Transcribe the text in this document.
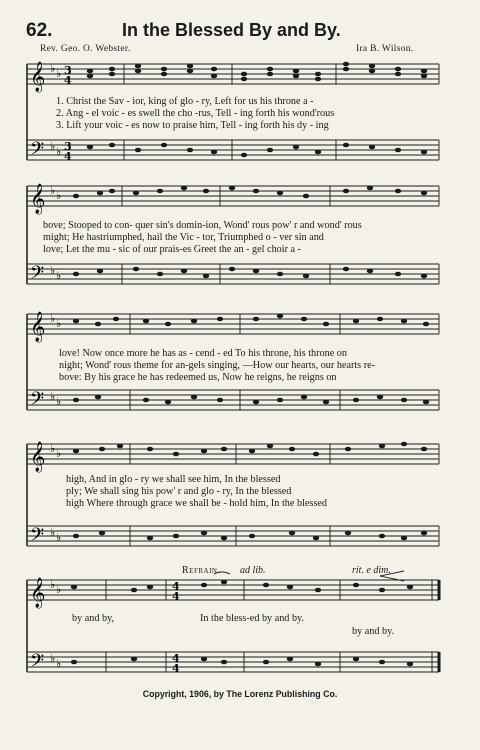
62.	In the Blessed By and By.
Rev. Geo. O. Webster.	Ira B. Wilson.
𝄞
𝄢
♭ ♭
♭ ♭
3
4
3
4
1. Christ the Sav - ior, king of glo - ry, Left for us his throne a -
2. Ang - el voic - es swell the cho -rus, Tell - ing forth his wond'rous
3. Lift your voic - es now to praise him, Tell - ing forth his dy - ing
𝄞
𝄢
♭ ♭
♭ ♭
bove; Stooped to con- quer sin's domin-ion, Wond' rous pow' r and wond' rous
might; He hastriumphed, hail the Vic - tor, Triumphed o - ver sin and
love; Let the mu - sic of our prais-es Greet the an - gel choir a -
𝄞
𝄢
♭ ♭
♭ ♭
love! Now once more he has as - cend - ed To his throne, his throne on
night; Wond' rous theme for an-gels singing, —How our hearts, our hearts re-
bove: By his grace he has redeemed us, Now he reigns, he reigns on
𝄞
𝄢
♭ ♭
♭ ♭
high, And in glo - ry we shall see him, In the blessed
ply; We shall sing his pow' r and glo - ry, In the blessed
high Where through grace we shall be - hold him, In the blessed
Refrain. ad lib.	rit. e dim.
𝄞
𝄢
♭ ♭
♭ ♭
4
4
4
4
by and by,	In the bless-ed by and by.
by and by.
Copyright, 1906, by The Lorenz Publishing Co.
